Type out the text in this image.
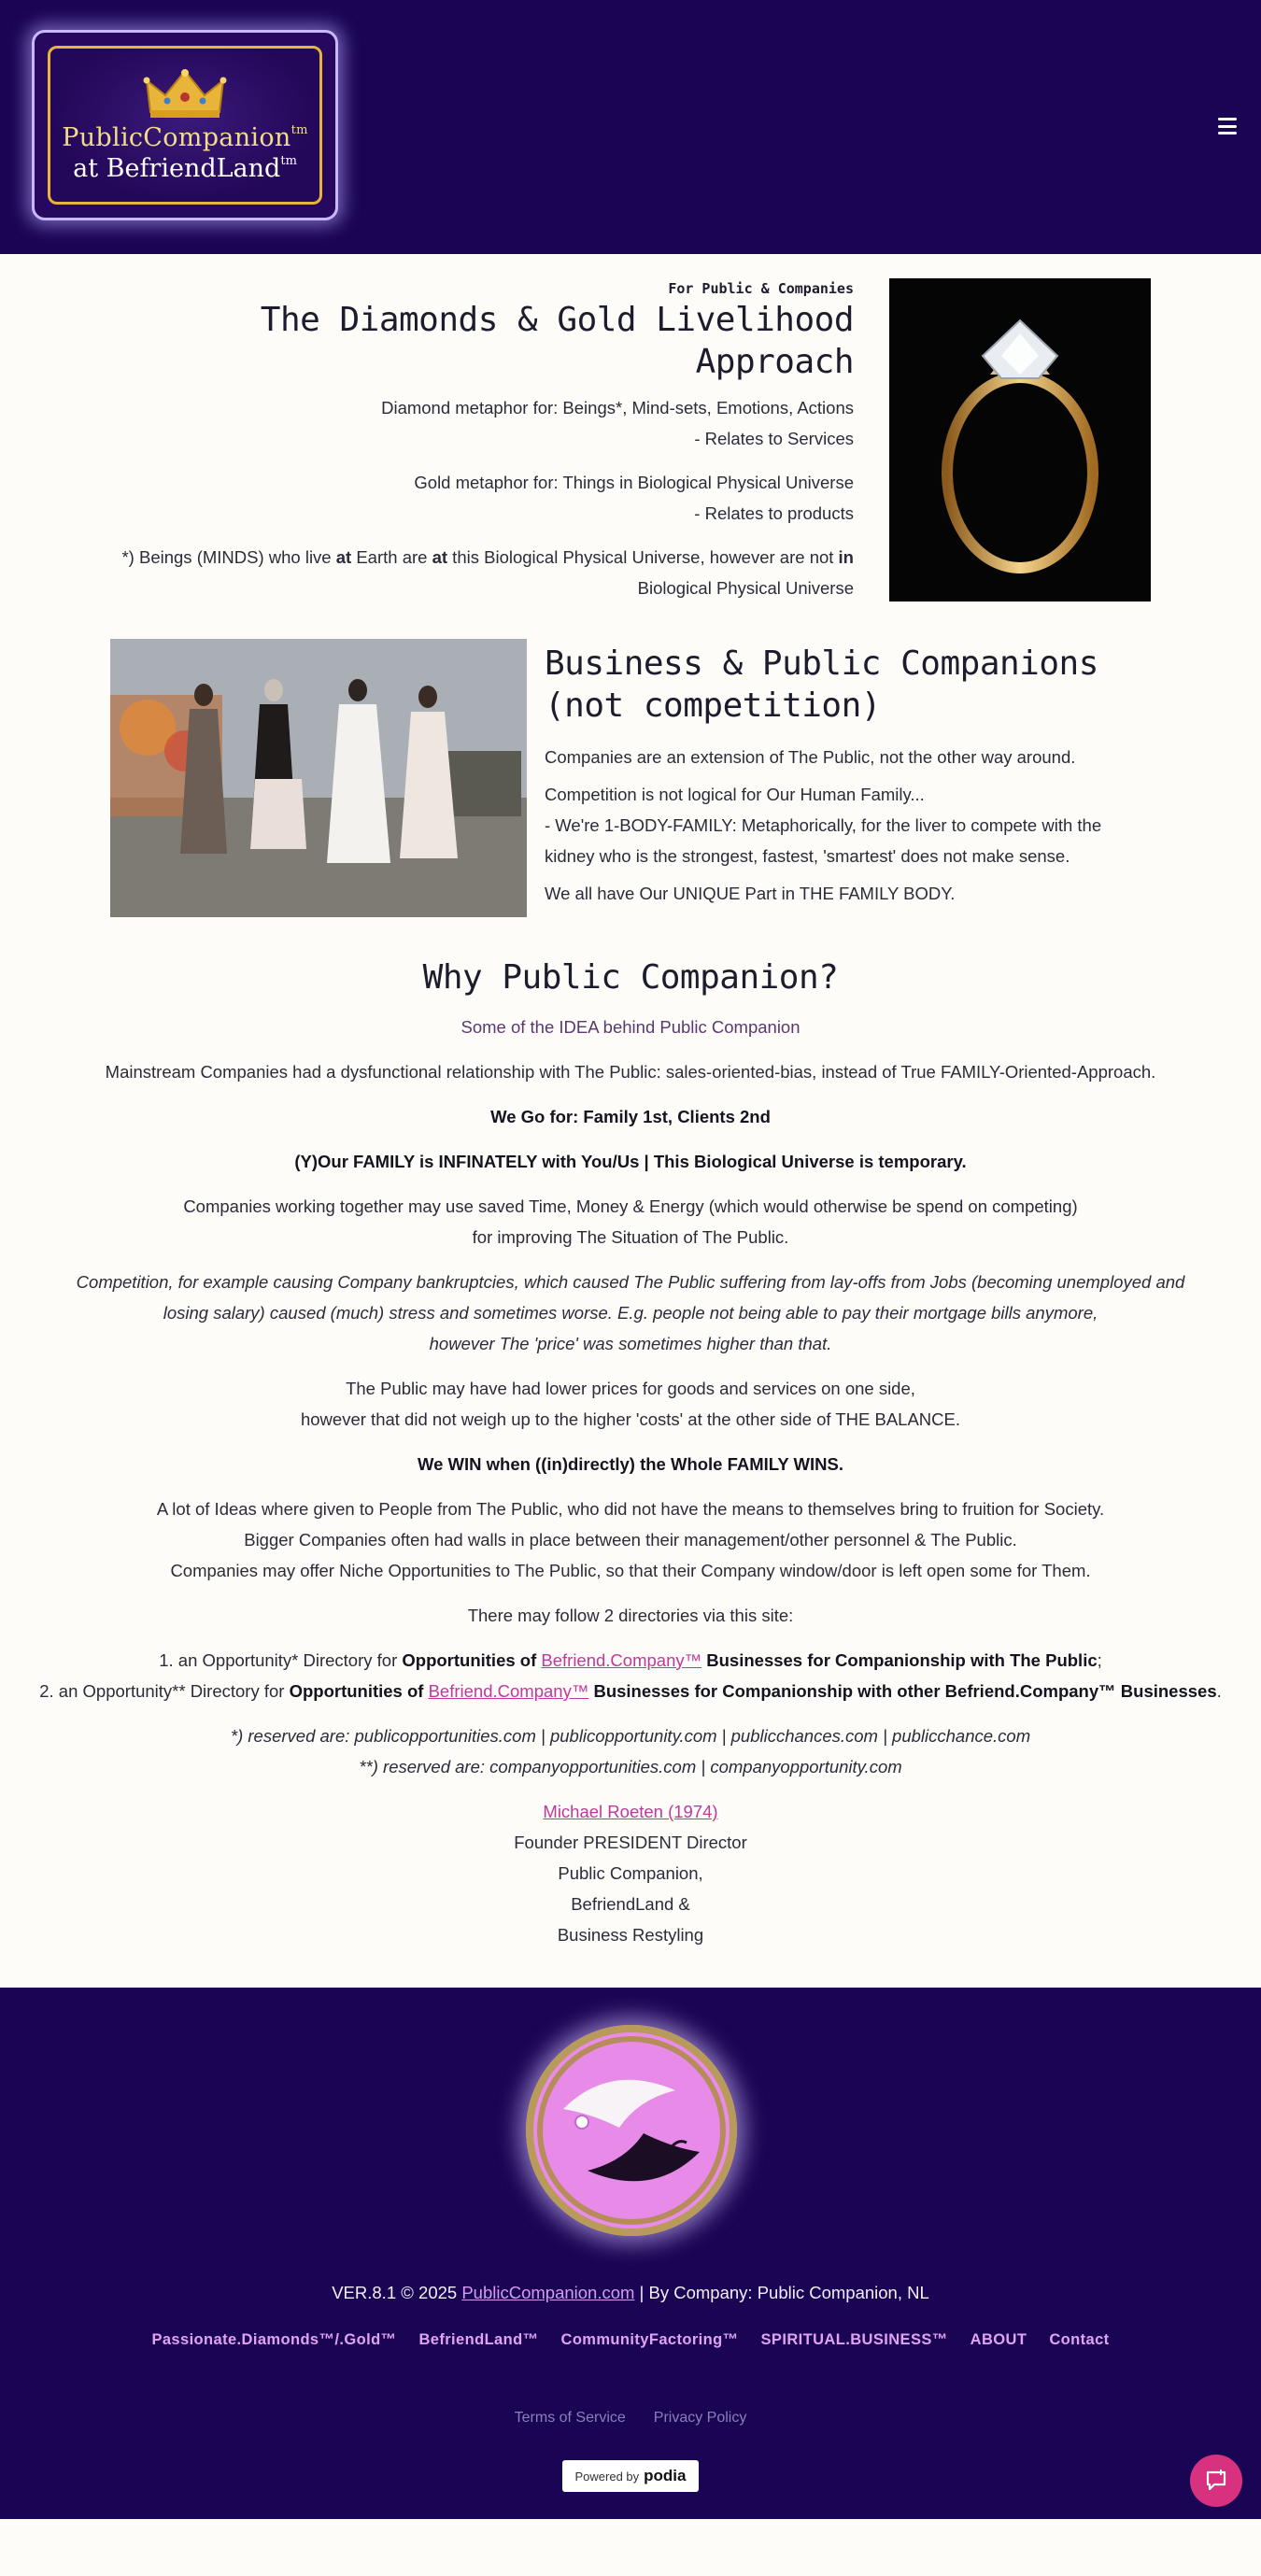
PublicCompanion$^{tm}$
at BefriendLand$^{tm}$
For Public & Companies
The Diamonds & Gold Livelihood
Approach

Diamond metaphor for: Beings*, Mind-sets, Emotions, Actions
- Relates to Services

Gold metaphor for: Things in Biological Physical Universe
- Relates to products

*) Beings (MINDS) who live at Earth are at this Biological Physical Universe, however are not in
Biological Physical Universe

Business & Public Companions
(not competition)

Companies are an extension of The Public, not the other way around.

Competition is not logical for Our Human Family...
- We're 1-BODY-FAMILY: Metaphorically, for the liver to compete with the
kidney who is the strongest, fastest, 'smartest' does not make sense.

We all have Our UNIQUE Part in THE FAMILY BODY.

Why Public Companion?

Some of the IDEA behind Public Companion

Mainstream Companies had a dysfunctional relationship with The Public: sales-oriented-bias, instead of True FAMILY-Oriented-Approach.

We Go for: Family 1st, Clients 2nd

(Y)Our FAMILY is INFINATELY with You/Us | This Biological Universe is temporary.

Companies working together may use saved Time, Money & Energy (which would otherwise be spend on competing)
for improving The Situation of The Public.

Competition, for example causing Company bankruptcies, which caused The Public suffering from lay-offs from Jobs (becoming unemployed and
losing salary) caused (much) stress and sometimes worse. E.g. people not being able to pay their mortgage bills anymore,
however The 'price' was sometimes higher than that.

The Public may have had lower prices for goods and services on one side,
however that did not weigh up to the higher 'costs' at the other side of THE BALANCE.

We WIN when ((in)directly) the Whole FAMILY WINS.

A lot of Ideas where given to People from The Public, who did not have the means to themselves bring to fruition for Society.
Bigger Companies often had walls in place between their management/other personnel & The Public.
Companies may offer Niche Opportunities to The Public, so that their Company window/door is left open some for Them.

There may follow 2 directories via this site:

1. an Opportunity* Directory for Opportunities of Befriend.Company™ Businesses for Companionship with The Public;
2. an Opportunity** Directory for Opportunities of Befriend.Company™ Businesses for Companionship with other Befriend.Company™ Businesses.

*) reserved are: publicopportunities.com | publicopportunity.com | publicchances.com | publicchance.com
**) reserved are: companyopportunities.com | companyopportunity.com

Michael Roeten (1974)

Founder PRESIDENT Director

Public Companion,

BefriendLand &

Business Restyling

VER.8.1 © 2025 PublicCompanion.com | By Company: Public Companion, NL
Passionate.Diamonds™/.Gold™ BefriendLand™ CommunityFactoring™ SPIRITUAL.BUSINESS™ ABOUT Contact
Terms of Service Privacy Policy
Powered by podia
